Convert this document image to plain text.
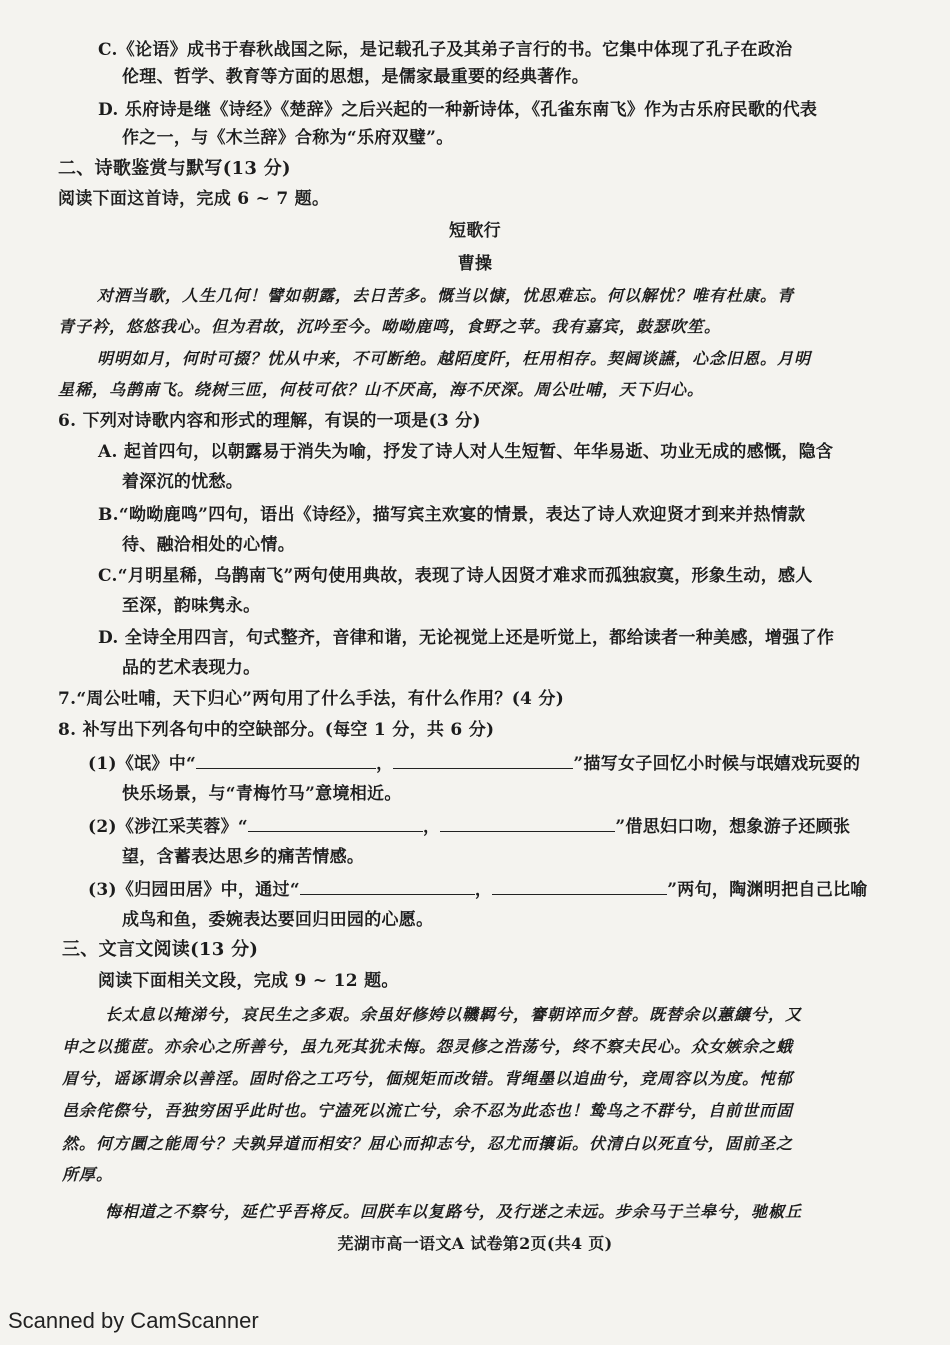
C.《论语》成书于春秋战国之际，是记载孔子及其弟子言行的书。它集中体现了孔子在政治
伦理、哲学、教育等方面的思想，是儒家最重要的经典著作。
D. 乐府诗是继《诗经》《楚辞》之后兴起的一种新诗体，《孔雀东南飞》作为古乐府民歌的代表
作之一，与《木兰辞》合称为“乐府双璧”。
二、诗歌鉴赏与默写(13 分)
阅读下面这首诗，完成 6 ~ 7 题。
短歌行
曹操
对酒当歌，人生几何！譬如朝露，去日苦多。慨当以慷，忧思难忘。何以解忧？唯有杜康。青
青子衿，悠悠我心。但为君故，沉吟至今。呦呦鹿鸣，食野之苹。我有嘉宾，鼓瑟吹笙。
明明如月，何时可掇？忧从中来，不可断绝。越陌度阡，枉用相存。契阔谈讌，心念旧恩。月明
星稀，乌鹊南飞。绕树三匝，何枝可依？山不厌高，海不厌深。周公吐哺，天下归心。
6. 下列对诗歌内容和形式的理解，有误的一项是(3 分)
A. 起首四句，以朝露易于消失为喻，抒发了诗人对人生短暂、年华易逝、功业无成的感慨，隐含
着深沉的忧愁。
B.“呦呦鹿鸣”四句，语出《诗经》，描写宾主欢宴的情景，表达了诗人欢迎贤才到来并热情款
待、融洽相处的心情。
C.“月明星稀，乌鹊南飞”两句使用典故，表现了诗人因贤才难求而孤独寂寞，形象生动，感人
至深，韵味隽永。
D. 全诗全用四言，句式整齐，音律和谐，无论视觉上还是听觉上，都给读者一种美感，增强了作
品的艺术表现力。
7.“周公吐哺，天下归心”两句用了什么手法，有什么作用？(4 分)
8. 补写出下列各句中的空缺部分。(每空 1 分，共 6 分)
(1)《氓》中“	，	”描写女子回忆小时候与氓嬉戏玩耍的
快乐场景，与“青梅竹马”意境相近。
(2)《涉江采芙蓉》“	，	”借思妇口吻，想象游子还顾张
望，含蓄表达思乡的痛苦情感。
(3)《归园田居》中，通过“	，	”两句，陶渊明把自己比喻
成鸟和鱼，委婉表达要回归田园的心愿。
三、文言文阅读(13 分)
阅读下面相关文段，完成 9 ~ 12 题。
长太息以掩涕兮，哀民生之多艰。余虽好修姱以鞿羁兮，謇朝谇而夕替。既替余以蕙纕兮，又
申之以揽茝。亦余心之所善兮，虽九死其犹未悔。怨灵修之浩荡兮，终不察夫民心。众女嫉余之蛾
眉兮，谣诼谓余以善淫。固时俗之工巧兮，偭规矩而改错。背绳墨以追曲兮，竞周容以为度。忳郁
邑余侘傺兮，吾独穷困乎此时也。宁溘死以流亡兮，余不忍为此态也！鸷鸟之不群兮，自前世而固
然。何方圜之能周兮？夫孰异道而相安？屈心而抑志兮，忍尤而攘诟。伏清白以死直兮，固前圣之
所厚。
悔相道之不察兮，延伫乎吾将反。回朕车以复路兮，及行迷之未远。步余马于兰皋兮，驰椒丘
芜湖市高一语文A 试卷第2页(共4 页)
Scanned by CamScanner
